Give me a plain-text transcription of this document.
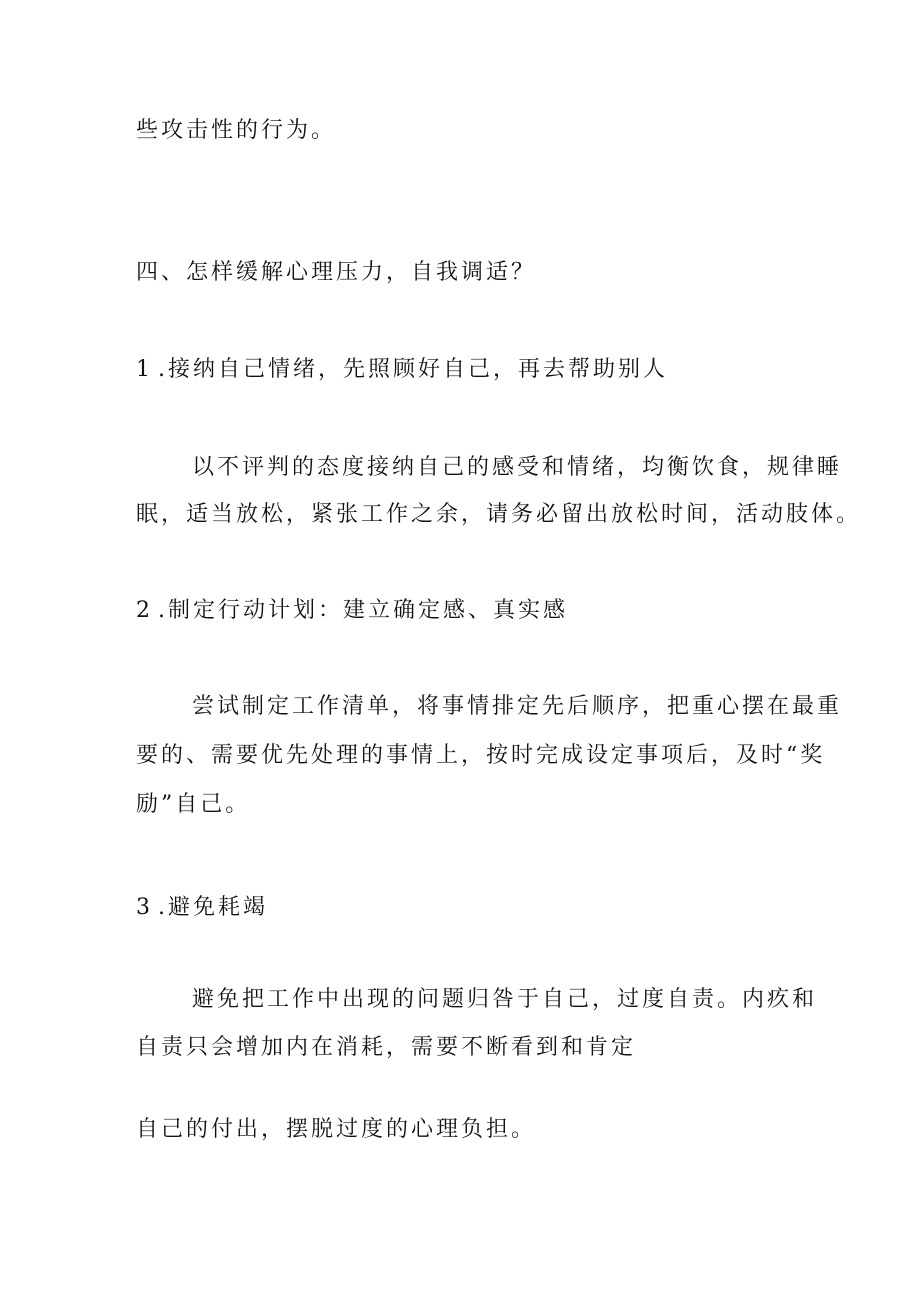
些攻击性的行为。
四、怎样缓解心理压力，自我调适？
1 .接纳自己情绪，先照顾好自己，再去帮助别人
以不评判的态度接纳自己的感受和情绪，均衡饮食，规律睡
眠，适当放松，紧张工作之余，请务必留出放松时间，活动肢体。
2 .制定行动计划：建立确定感、真实感
尝试制定工作清单，将事情排定先后顺序，把重心摆在最重
要的、需要优先处理的事情上，按时完成设定事项后，及时“奖
励”自己。
3 .避免耗竭
避免把工作中出现的问题归咎于自己，过度自责。内疚和
自责只会增加内在消耗，需要不断看到和肯定
自己的付出，摆脱过度的心理负担。
